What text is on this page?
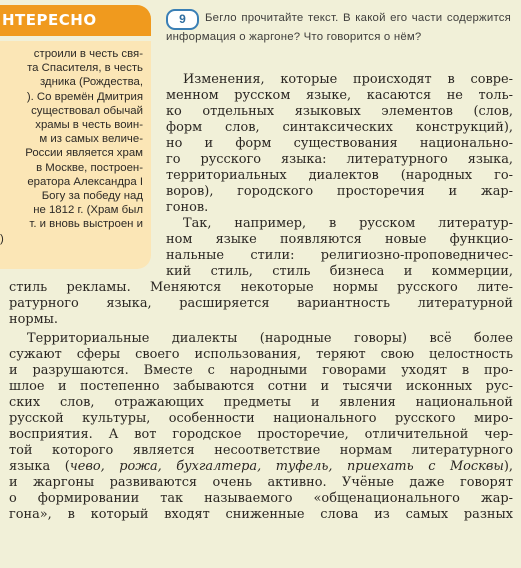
НТЕРЕСНО
строили в честь свя-
та Спасителя, в честь
здника (Рождества,
). Со времён Дмитрия
существовал обычай
храмы в честь воин-
м из самых величе-
России является храм
в Москве, построен-
ератора Александра I
Богу за победу над
не 1812 г. (Храм был
т. и вновь выстроен и
)
9 Бегло прочитайте текст. В какой его части содержится информация о жаргоне? Что говорится о нём?
Изменения, которые происходят в совре-
менном русском языке, касаются не толь-
ко отдельных языковых элементов (слов,
форм слов, синтаксических конструкций),
но и форм существования национально-
го русского языка: литературного языка,
территориальных диалектов (народных го-
воров), городского просторечия и жар-
гонов.
Так, например, в русском литератур-
ном языке появляются новые функцио-
нальные стили: религиозно-проповедничес-
кий стиль, стиль бизнеса и коммерции,
стиль рекламы. Меняются некоторые нормы русского лите-
ратурного языка, расширяется вариантность литературной
нормы.
Территориальные диалекты (народные говоры) всё более
сужают сферы своего использования, теряют свою целостность
и разрушаются. Вместе с народными говорами уходят в про-
шлое и постепенно забываются сотни и тысячи исконных рус-
ских слов, отражающих предметы и явления национальной
русской культуры, особенности национального русского миро-
восприятия. А вот городское просторечие, отличительной чер-
той которого является несоответствие нормам литературного
языка (чево, рожа, бухгалтера, туфель, приехать с Москвы),
и жаргоны развиваются очень активно. Учёные даже говорят
о формировании так называемого «общенационального жар-
гона», в который входят сниженные слова из самых разных
